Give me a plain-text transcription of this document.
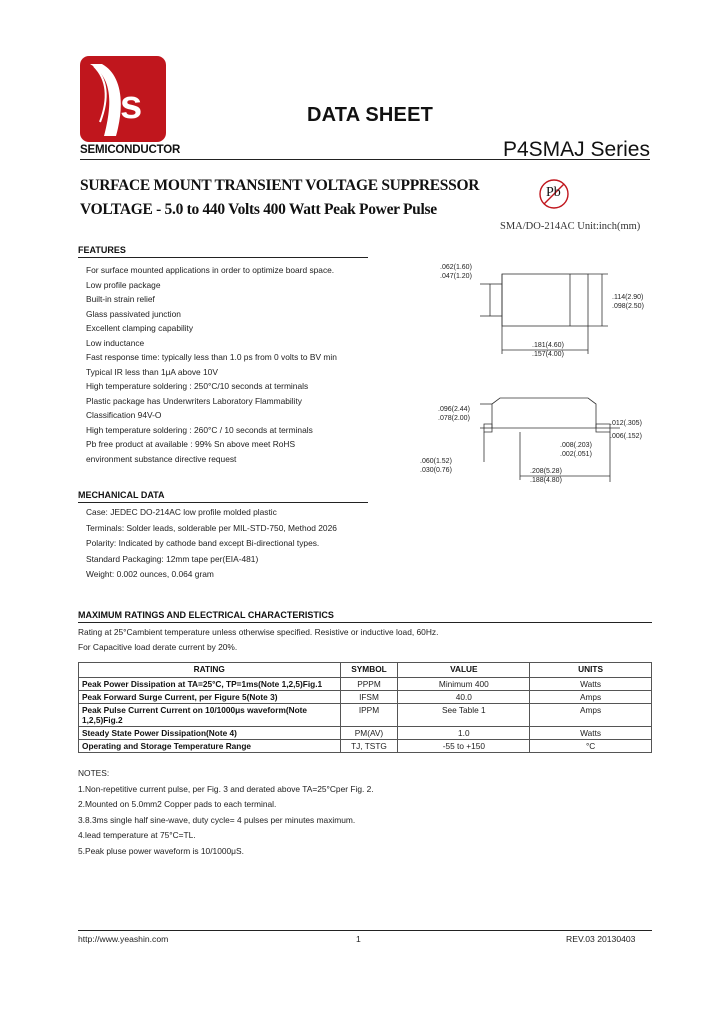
s
SEMICONDUCTOR
DATA SHEET
P4SMAJ Series
SURFACE MOUNT TRANSIENT VOLTAGE SUPPRESSOR
VOLTAGE - 5.0 to 440 Volts 400 Watt Peak Power Pulse
Pb
SMA/DO-214AC Unit:inch(mm)
FEATURES
For surface mounted applications in order to optimize board space.
Low profile package
Built-in strain relief
Glass passivated junction
Excellent clamping capability
Low inductance
Fast response time: typically less than 1.0 ps from 0 volts to BV min
Typical IR less than 1μA above 10V
High temperature soldering : 250°C/10 seconds at terminals
Plastic package has Underwriters Laboratory Flammability
Classification 94V-O
High temperature soldering : 260°C / 10 seconds at terminals
Pb free product at available : 99% Sn above meet RoHS
environment substance directive request
.062(1.60)
.047(1.20)
.114(2.90)
.098(2.50)
.181(4.60)
.157(4.00)
.096(2.44)
.078(2.00)
.012(.305)
.006(.152)
.008(.203)
.002(.051)
.060(1.52)
.030(0.76)	.208(5.28)
.188(4.80)
MECHANICAL DATA
Case: JEDEC DO-214AC low profile molded plastic
Terminals: Solder leads, solderable per MIL-STD-750, Method 2026
Polarity: Indicated by cathode band except Bi-directional types.
Standard Packaging: 12mm tape per(EIA-481)
Weight: 0.002 ounces, 0.064 gram
MAXIMUM RATINGS AND ELECTRICAL CHARACTERISTICS
Rating at 25°Cambient temperature unless otherwise specified. Resistive or inductive load, 60Hz.
For Capacitive load derate current by 20%.
RATING	SYMBOL	VALUE	UNITS
Peak Power Dissipation at TA=25°C, TP=1ms(Note 1,2,5)Fig.1	PPPM	Minimum 400	Watts
Peak Forward Surge Current, per Figure 5(Note 3)	IFSM	40.0	Amps
Peak Pulse Current Current on 10/1000μs waveform(Note 1,2,5)Fig.2	IPPM	See Table 1	Amps
Steady State Power Dissipation(Note 4)	PM(AV)	1.0	Watts
Operating and Storage Temperature Range	TJ, TSTG	-55 to +150	°C
NOTES:
1.Non-repetitive current pulse, per Fig. 3 and derated above TA=25°Cper Fig. 2.
2.Mounted on 5.0mm2 Copper pads to each terminal.
3.8.3ms single half sine-wave, duty cycle= 4 pulses per minutes maximum.
4.lead temperature at 75°C=TL.
5.Peak pluse power waveform is 10/1000μS.
http://www.yeashin.com	1	REV.03 20130403
